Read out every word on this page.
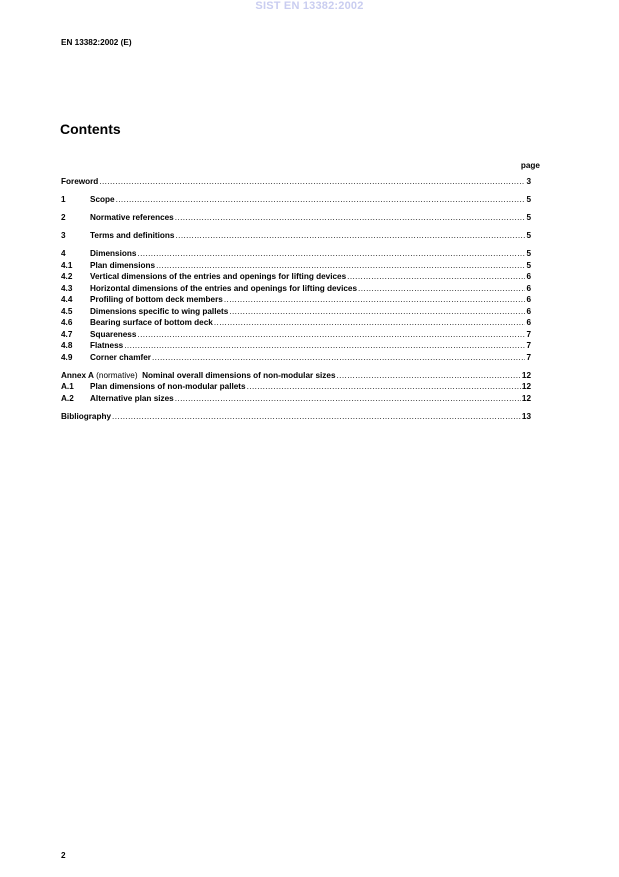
SIST EN 13382:2002
EN 13382:2002 (E)
Contents
page
Foreword .....	3
1	Scope .....	5
2	Normative references .....	5
3	Terms and definitions .....	5
4	Dimensions .....	5
4.1	Plan dimensions .....	5
4.2	Vertical dimensions of the entries and openings for lifting devices .....	6
4.3	Horizontal dimensions of the entries and openings for lifting devices .....	6
4.4	Profiling of bottom deck members .....	6
4.5	Dimensions specific to wing pallets .....	6
4.6	Bearing surface of bottom deck .....	6
4.7	Squareness .....	7
4.8	Flatness .....	7
4.9	Corner chamfer .....	7
Annex A (normative)  Nominal overall dimensions of non-modular sizes .....	12
A.1	Plan dimensions of non-modular pallets .....	12
A.2	Alternative plan sizes .....	12
Bibliography .....	13
2
